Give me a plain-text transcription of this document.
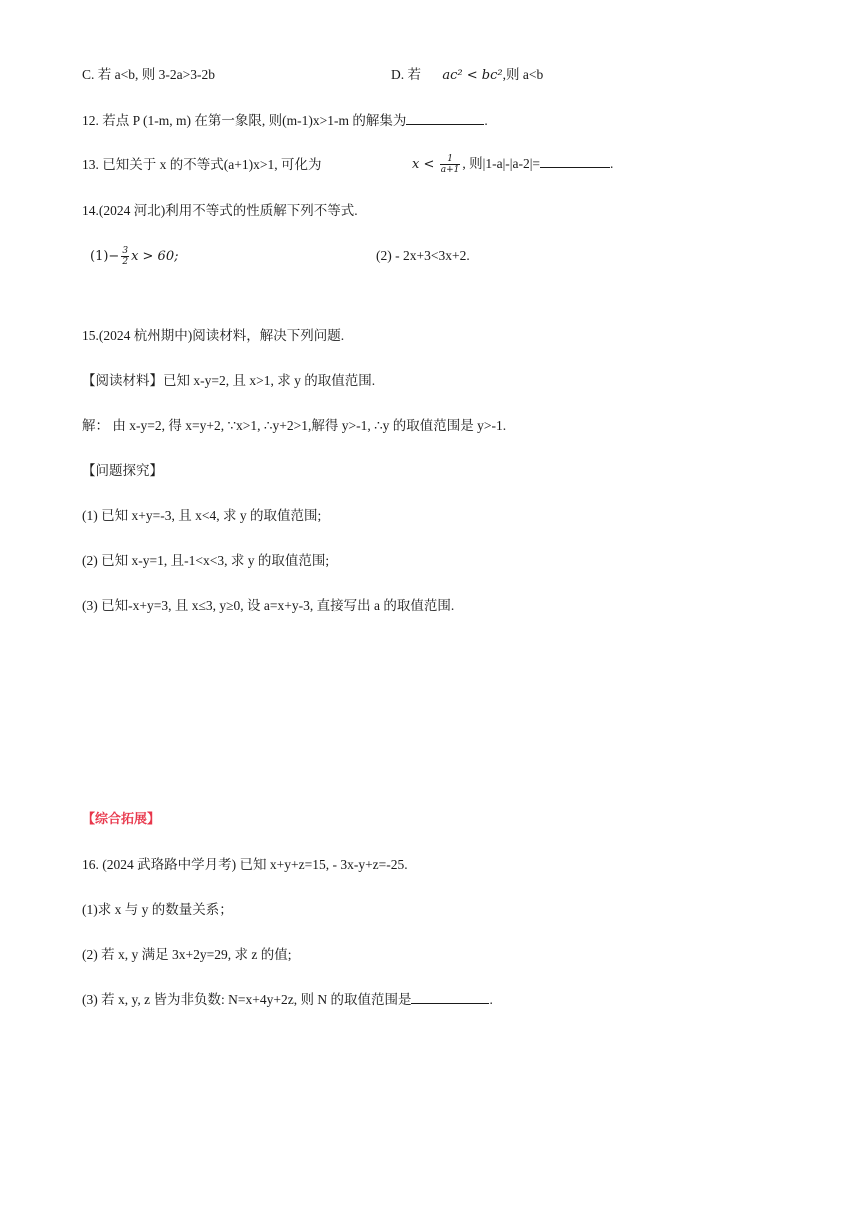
C. 若 a<b, 则 3-2a>3-2b	D. 若 ac² < bc²,则 a<b
12. 若点 P (1-m, m) 在第一象限, 则(m-1)x>1-m 的解集为	.
13. 已知关于 x 的不等式(a+1)x>1, 可化为	$x < \frac{1}{a+1}$ , 则|1-a|-|a-2|=	.
14.(2024 河北)利用不等式的性质解下列不等式.
$(1)- \frac{3}{2}$ x > 60;	(2) - 2x+3<3x+2.
15.(2024 杭州期中)阅读材料，解决下列问题.
【阅读材料】已知 x-y=2, 且 x>1, 求 y 的取值范围.
解： 由 x-y=2, 得 x=y+2, ∵x>1, ∴y+2>1,解得 y>-1, ∴y 的取值范围是 y>-1.
【问题探究】
(1) 已知 x+y=-3, 且 x<4, 求 y 的取值范围;
(2) 已知 x-y=1, 且-1<x<3, 求 y 的取值范围;
(3) 已知-x+y=3, 且 x≤3, y≥0, 设 a=x+y-3, 直接写出 a 的取值范围.
【综合拓展】
16. (2024 武珞路中学月考) 已知 x+y+z=15, - 3x-y+z=-25.
(1)求 x 与 y 的数量关系；
(2) 若 x, y 满足 3x+2y=29, 求 z 的值;
(3) 若 x, y, z 皆为非负数: N=x+4y+2z, 则 N 的取值范围是	.
